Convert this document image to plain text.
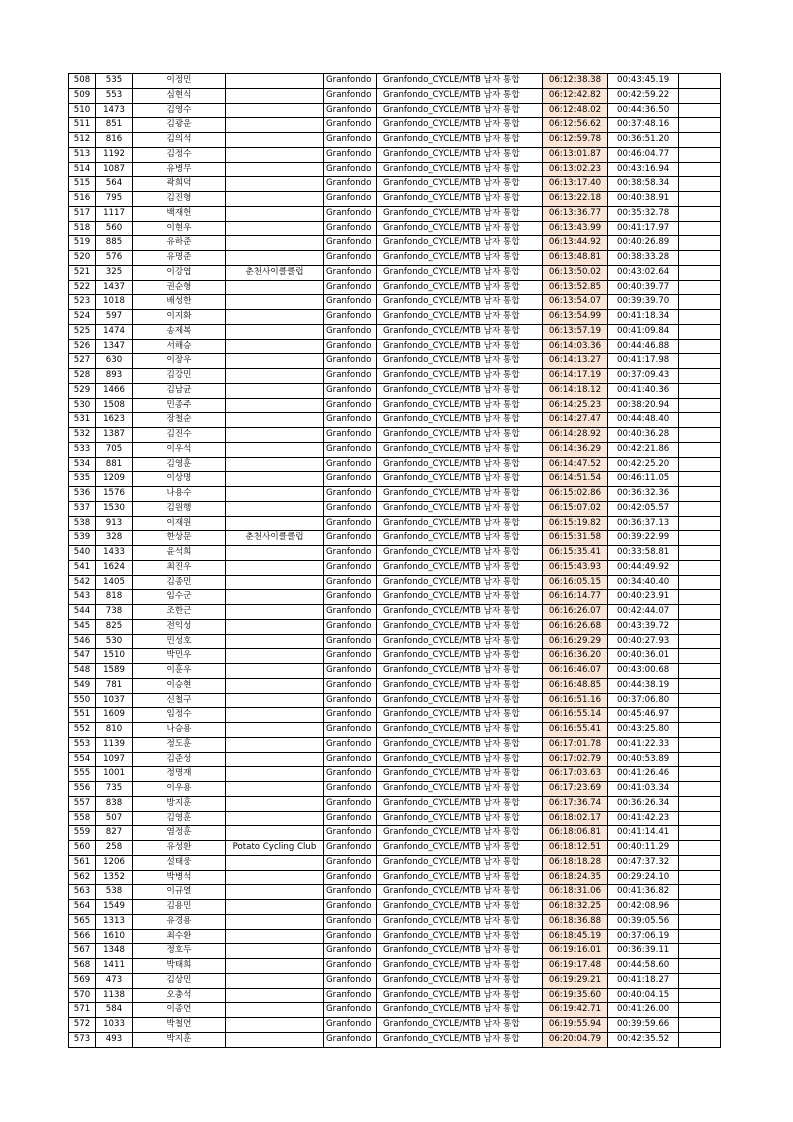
508	535	이정민		Granfondo	Granfondo_CYCLE/MTB 남자 통합	06:12:38.38	00:43:45.19	
509	553	심현식		Granfondo	Granfondo_CYCLE/MTB 남자 통합	06:12:42.82	00:42:59.22	
510	1473	김영수		Granfondo	Granfondo_CYCLE/MTB 남자 통합	06:12:48.02	00:44:36.50	
511	851	김광운		Granfondo	Granfondo_CYCLE/MTB 남자 통합	06:12:56.62	00:37:48.16	
512	816	김의석		Granfondo	Granfondo_CYCLE/MTB 남자 통합	06:12:59.78	00:36:51.20	
513	1192	김정수		Granfondo	Granfondo_CYCLE/MTB 남자 통합	06:13:01.87	00:46:04.77	
514	1087	유병무		Granfondo	Granfondo_CYCLE/MTB 남자 통합	06:13:02.23	00:43:16.94	
515	564	곽희덕		Granfondo	Granfondo_CYCLE/MTB 남자 통합	06:13:17.40	00:38:58.34	
516	795	김진형		Granfondo	Granfondo_CYCLE/MTB 남자 통합	06:13:22.18	00:40:38.91	
517	1117	백재헌		Granfondo	Granfondo_CYCLE/MTB 남자 통합	06:13:36.77	00:35:32.78	
518	560	이현우		Granfondo	Granfondo_CYCLE/MTB 남자 통합	06:13:43.99	00:41:17.97	
519	885	유하준		Granfondo	Granfondo_CYCLE/MTB 남자 통합	06:13:44.92	00:40:26.89	
520	576	유명준		Granfondo	Granfondo_CYCLE/MTB 남자 통합	06:13:48.81	00:38:33.28	
521	325	이강엽	춘천사이클클럽	Granfondo	Granfondo_CYCLE/MTB 남자 통합	06:13:50.02	00:43:02.64	
522	1437	권순형		Granfondo	Granfondo_CYCLE/MTB 남자 통합	06:13:52.85	00:40:39.77	
523	1018	배성한		Granfondo	Granfondo_CYCLE/MTB 남자 통합	06:13:54.07	00:39:39.70	
524	597	이지화		Granfondo	Granfondo_CYCLE/MTB 남자 통합	06:13:54.99	00:41:18.34	
525	1474	송제복		Granfondo	Granfondo_CYCLE/MTB 남자 통합	06:13:57.19	00:41:09.84	
526	1347	서해승		Granfondo	Granfondo_CYCLE/MTB 남자 통합	06:14:03.36	00:44:46.88	
527	630	이장우		Granfondo	Granfondo_CYCLE/MTB 남자 통합	06:14:13.27	00:41:17.98	
528	893	김강민		Granfondo	Granfondo_CYCLE/MTB 남자 통합	06:14:17.19	00:37:09.43	
529	1466	김남균		Granfondo	Granfondo_CYCLE/MTB 남자 통합	06:14:18.12	00:41:40.36	
530	1508	민종주		Granfondo	Granfondo_CYCLE/MTB 남자 통합	06:14:25.23	00:38:20.94	
531	1623	장철순		Granfondo	Granfondo_CYCLE/MTB 남자 통합	06:14:27.47	00:44:48.40	
532	1387	김진수		Granfondo	Granfondo_CYCLE/MTB 남자 통합	06:14:28.92	00:40:36.28	
533	705	이우석		Granfondo	Granfondo_CYCLE/MTB 남자 통합	06:14:36.29	00:42:21.86	
534	881	김영훈		Granfondo	Granfondo_CYCLE/MTB 남자 통합	06:14:47.52	00:42:25.20	
535	1209	이상명		Granfondo	Granfondo_CYCLE/MTB 남자 통합	06:14:51.54	00:46:11.05	
536	1576	나용수		Granfondo	Granfondo_CYCLE/MTB 남자 통합	06:15:02.86	00:36:32.36	
537	1530	김원행		Granfondo	Granfondo_CYCLE/MTB 남자 통합	06:15:07.02	00:42:05.57	
538	913	이재원		Granfondo	Granfondo_CYCLE/MTB 남자 통합	06:15:19.82	00:36:37.13	
539	328	한상문	춘천사이클클럽	Granfondo	Granfondo_CYCLE/MTB 남자 통합	06:15:31.58	00:39:22.99	
540	1433	윤석희		Granfondo	Granfondo_CYCLE/MTB 남자 통합	06:15:35.41	00:33:58.81	
541	1624	최진우		Granfondo	Granfondo_CYCLE/MTB 남자 통합	06:15:43.93	00:44:49.92	
542	1405	김종민		Granfondo	Granfondo_CYCLE/MTB 남자 통합	06:16:05.15	00:34:40.40	
543	818	임수군		Granfondo	Granfondo_CYCLE/MTB 남자 통합	06:16:14.77	00:40:23.91	
544	738	조한근		Granfondo	Granfondo_CYCLE/MTB 남자 통합	06:16:26.07	00:42:44.07	
545	825	전익성		Granfondo	Granfondo_CYCLE/MTB 남자 통합	06:16:26.68	00:43:39.72	
546	530	민성호		Granfondo	Granfondo_CYCLE/MTB 남자 통합	06:16:29.29	00:40:27.93	
547	1510	박민우		Granfondo	Granfondo_CYCLE/MTB 남자 통합	06:16:36.20	00:40:36.01	
548	1589	이훈우		Granfondo	Granfondo_CYCLE/MTB 남자 통합	06:16:46.07	00:43:00.68	
549	781	이승현		Granfondo	Granfondo_CYCLE/MTB 남자 통합	06:16:48.85	00:44:38.19	
550	1037	신철구		Granfondo	Granfondo_CYCLE/MTB 남자 통합	06:16:51.16	00:37:06.80	
551	1609	임정수		Granfondo	Granfondo_CYCLE/MTB 남자 통합	06:16:55.14	00:45:46.97	
552	810	나승용		Granfondo	Granfondo_CYCLE/MTB 남자 통합	06:16:55.41	00:43:25.80	
553	1139	정도훈		Granfondo	Granfondo_CYCLE/MTB 남자 통합	06:17:01.78	00:41:22.33	
554	1097	김준성		Granfondo	Granfondo_CYCLE/MTB 남자 통합	06:17:02.79	00:40:53.89	
555	1001	정명재		Granfondo	Granfondo_CYCLE/MTB 남자 통합	06:17:03.63	00:41:26.46	
556	735	이우용		Granfondo	Granfondo_CYCLE/MTB 남자 통합	06:17:23.69	00:41:03.34	
557	838	방지훈		Granfondo	Granfondo_CYCLE/MTB 남자 통합	06:17:36.74	00:36:26.34	
558	507	김영훈		Granfondo	Granfondo_CYCLE/MTB 남자 통합	06:18:02.17	00:41:42.23	
559	827	염정훈		Granfondo	Granfondo_CYCLE/MTB 남자 통합	06:18:06.81	00:41:14.41	
560	258	유성환	Potato Cycling Club	Granfondo	Granfondo_CYCLE/MTB 남자 통합	06:18:12.51	00:40:11.29	
561	1206	설태웅		Granfondo	Granfondo_CYCLE/MTB 남자 통합	06:18:18.28	00:47:37.32	
562	1352	박병석		Granfondo	Granfondo_CYCLE/MTB 남자 통합	06:18:24.35	00:29:24.10	
563	538	이규열		Granfondo	Granfondo_CYCLE/MTB 남자 통합	06:18:31.06	00:41:36.82	
564	1549	김용민		Granfondo	Granfondo_CYCLE/MTB 남자 통합	06:18:32.25	00:42:08.96	
565	1313	유경용		Granfondo	Granfondo_CYCLE/MTB 남자 통합	06:18:36.88	00:39:05.56	
566	1610	최수환		Granfondo	Granfondo_CYCLE/MTB 남자 통합	06:18:45.19	00:37:06.19	
567	1348	정호두		Granfondo	Granfondo_CYCLE/MTB 남자 통합	06:19:16.01	00:36:39.11	
568	1411	박태희		Granfondo	Granfondo_CYCLE/MTB 남자 통합	06:19:17.48	00:44:58.60	
569	473	김상민		Granfondo	Granfondo_CYCLE/MTB 남자 통합	06:19:29.21	00:41:18.27	
570	1138	오충석		Granfondo	Granfondo_CYCLE/MTB 남자 통합	06:19:35.60	00:40:04.15	
571	584	이종언		Granfondo	Granfondo_CYCLE/MTB 남자 통합	06:19:42.71	00:41:26.00	
572	1033	박철언		Granfondo	Granfondo_CYCLE/MTB 남자 통합	06:19:55.94	00:39:59.66	
573	493	박지훈		Granfondo	Granfondo_CYCLE/MTB 남자 통합	06:20:04.79	00:42:35.52	
